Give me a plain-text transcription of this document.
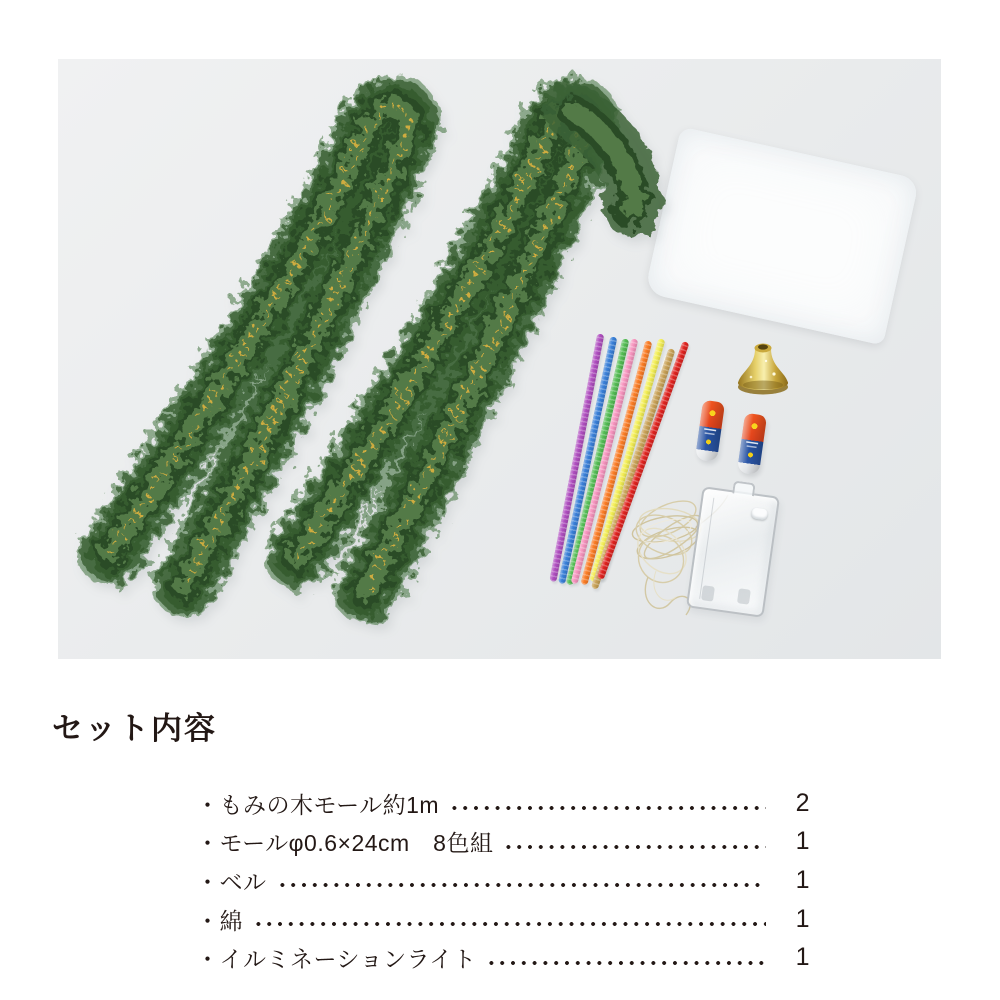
セット内容
・ もみの木モール約1m	2
・ モールφ0.6×24cm　8色組	1
・ ベル	1
・ 綿	1
・ イルミネーションライト	1
